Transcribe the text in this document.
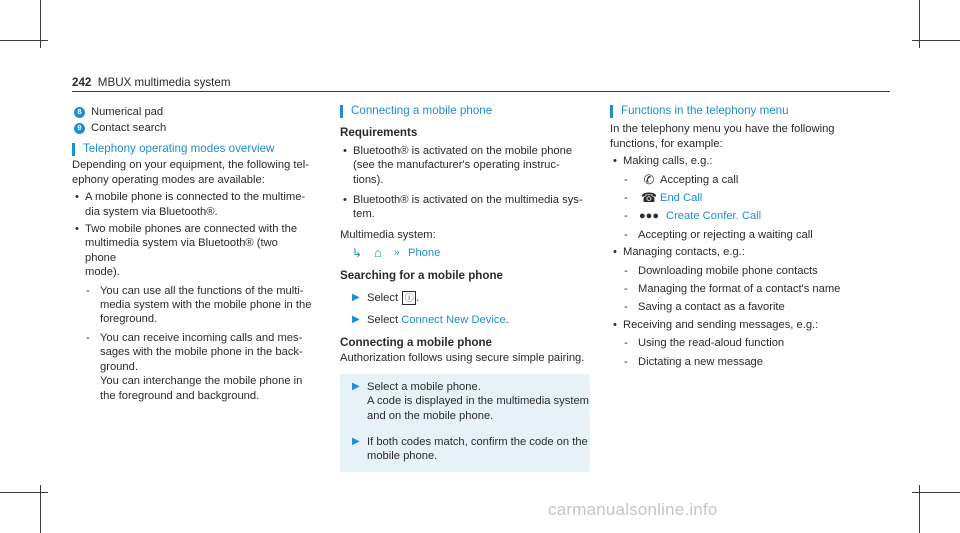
242 MBUX multimedia system
8 Numerical pad
9 Contact search
Telephony operating modes overview

Depending on your equipment, the following tel-

ephony operating modes are available:

• A mobile phone is connected to the multime-

dia system via Bluetooth®.

• Two mobile phones are connected with the

multimedia system via Bluetooth® (two phone

mode).

- You can use all the functions of the multi-

media system with the mobile phone in the

foreground.

- You can receive incoming calls and mes-

sages with the mobile phone in the back-

ground.

You can interchange the mobile phone in

the foreground and background.

Connecting a mobile phone
Requirements
• Bluetooth® is activated on the mobile phone

(see the manufacturer's operating instruc-

tions).

• Bluetooth® is activated on the multimedia sys-

tem.

Multimedia system:

↳ ⌂	» Phone
Searching for a mobile phone
▶ Select ⓘ .
▶ Select
Connect New Device .
Connecting a mobile phone

Authorization follows using secure simple pairing.

▶ Select a mobile phone.

A code is displayed in the multimedia system

and on the mobile phone.

▶ If both codes match, confirm the code on the

mobile phone.

Functions in the telephony menu

In the telephony menu you have the following

functions, for example:

• Making calls, e.g.:
-	✆ Accepting a call
-	☎ End Call
-	●●● Create Confer. Call
- Accepting or rejecting a waiting call
• Managing contacts, e.g.:
- Downloading mobile phone contacts
- Managing the format of a contact's name
- Saving a contact as a favorite
• Receiving and sending messages, e.g.:
- Using the read-aloud function
- Dictating a new message
carmanualsonline.info
